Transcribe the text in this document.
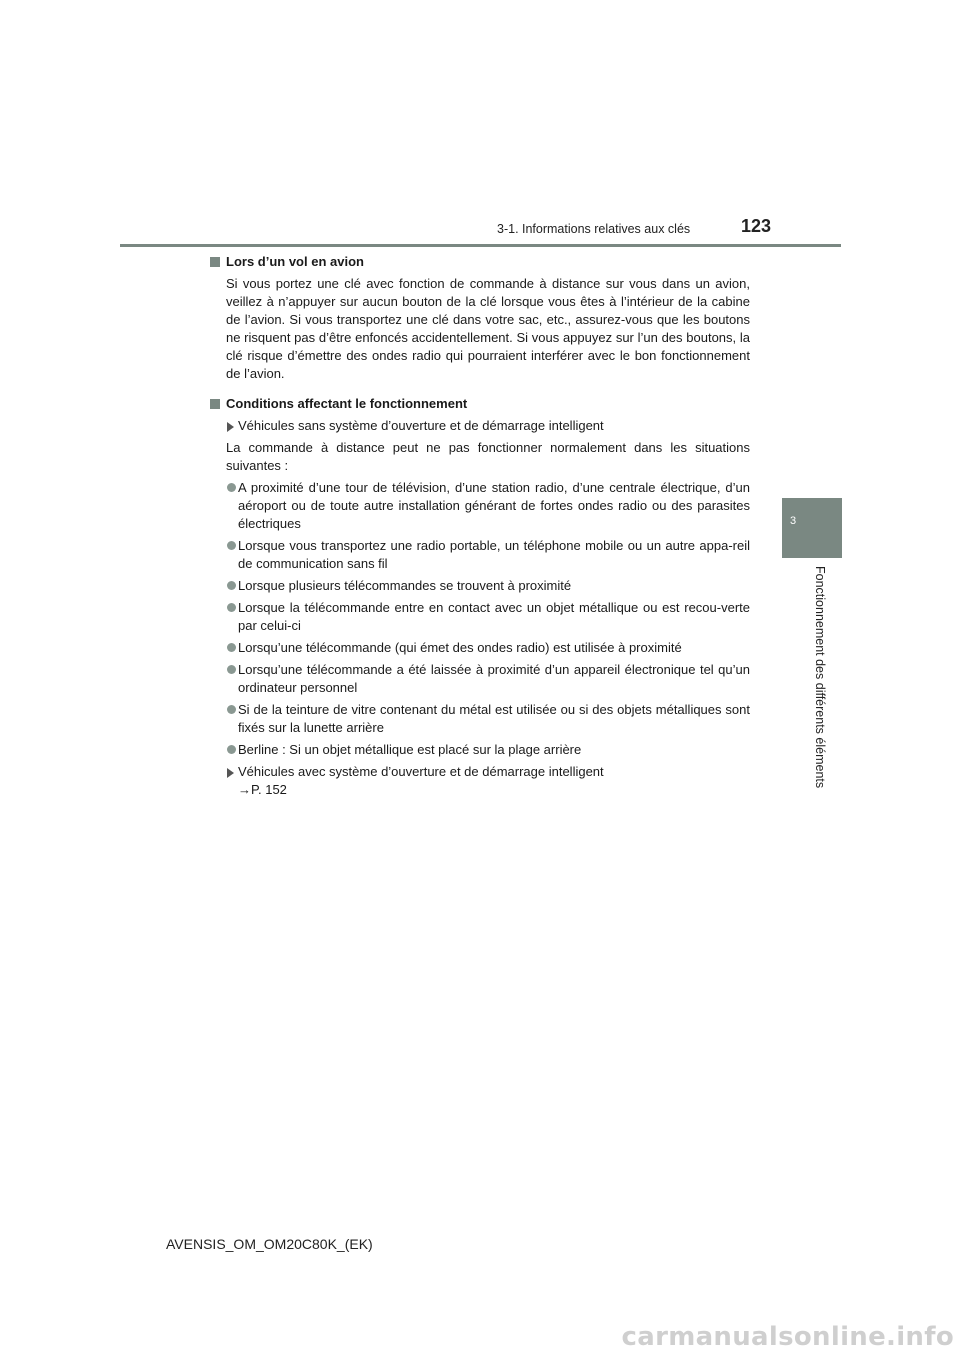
3-1. Informations relatives aux clés	123
3
Fonctionnement des différents éléments
Lors d’un vol en avion
Si vous portez une clé avec fonction de commande à distance sur vous dans un avion, veillez à n’appuyer sur aucun bouton de la clé lorsque vous êtes à l’intérieur de la cabine de l’avion. Si vous transportez une clé dans votre sac, etc., assurez-vous que les boutons ne risquent pas d’être enfoncés accidentellement. Si vous appuyez sur l’un des boutons, la clé risque d’émettre des ondes radio qui pourraient interférer avec le bon fonctionnement de l’avion.
Conditions affectant le fonctionnement
Véhicules sans système d’ouverture et de démarrage intelligent
La commande à distance peut ne pas fonctionner normalement dans les situations suivantes :
A proximité d’une tour de télévision, d’une station radio, d’une centrale électrique, d’un aéroport ou de toute autre installation générant de fortes ondes radio ou des parasites électriques
Lorsque vous transportez une radio portable, un téléphone mobile ou un autre appa-reil de communication sans fil
Lorsque plusieurs télécommandes se trouvent à proximité
Lorsque la télécommande entre en contact avec un objet métallique ou est recou-verte par celui-ci
Lorsqu’une télécommande (qui émet des ondes radio) est utilisée à proximité
Lorsqu’une télécommande a été laissée à proximité d’un appareil électronique tel qu’un ordinateur personnel
Si de la teinture de vitre contenant du métal est utilisée ou si des objets métalliques sont fixés sur la lunette arrière
Berline : Si un objet métallique est placé sur la plage arrière
Véhicules avec système d’ouverture et de démarrage intelligent
→P. 152
AVENSIS_OM_OM20C80K_(EK)
carmanualsonline.info
